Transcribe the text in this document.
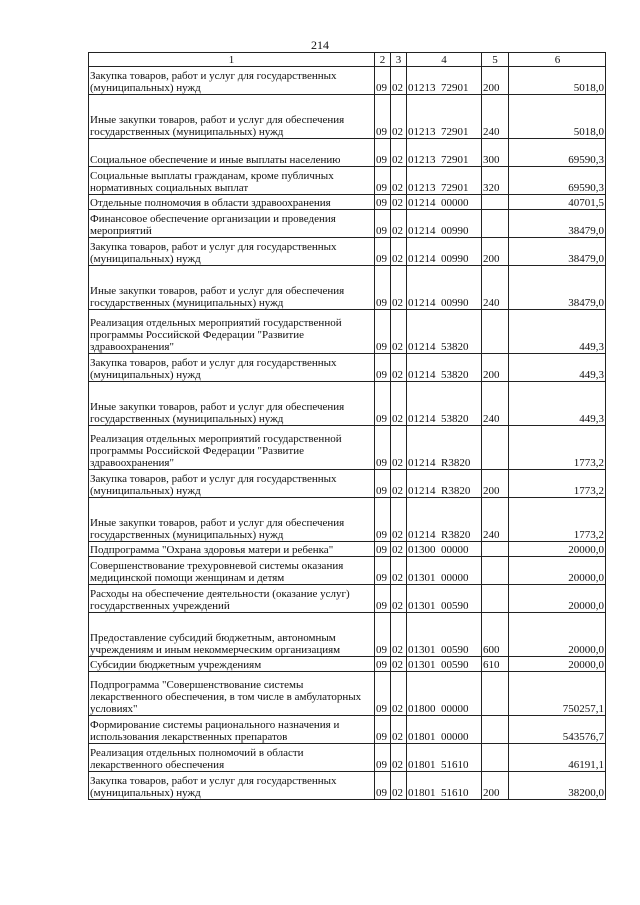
214
1	2	3	4	5	6
Закупка товаров, работ и услуг для государственных (муниципальных) нужд	09	02	01213  72901	200	5018,0
Иные закупки товаров, работ и услуг для обеспечения государственных (муниципальных) нужд	09	02	01213  72901	240	5018,0
Социальное обеспечение и иные выплаты населению	09	02	01213  72901	300	69590,3
Социальные выплаты гражданам, кроме публичных нормативных социальных выплат	09	02	01213  72901	320	69590,3
Отдельные полномочия в области здравоохранения	09	02	01214  00000		40701,5
Финансовое обеспечение организации и проведения мероприятий	09	02	01214  00990		38479,0
Закупка товаров, работ и услуг для государственных (муниципальных) нужд	09	02	01214  00990	200	38479,0
Иные закупки товаров, работ и услуг для обеспечения государственных (муниципальных) нужд	09	02	01214  00990	240	38479,0
Реализация отдельных мероприятий государственной программы Российской Федерации "Развитие здравоохранения"	09	02	01214  53820		449,3
Закупка товаров, работ и услуг для государственных (муниципальных) нужд	09	02	01214  53820	200	449,3
Иные закупки товаров, работ и услуг для обеспечения государственных (муниципальных) нужд	09	02	01214  53820	240	449,3
Реализация отдельных мероприятий государственной программы Российской Федерации "Развитие здравоохранения"	09	02	01214  R3820		1773,2
Закупка товаров, работ и услуг для государственных (муниципальных) нужд	09	02	01214  R3820	200	1773,2
Иные закупки товаров, работ и услуг для обеспечения государственных (муниципальных) нужд	09	02	01214  R3820	240	1773,2
Подпрограмма "Охрана здоровья матери и ребенка"	09	02	01300  00000		20000,0
Совершенствование трехуровневой системы оказания медицинской помощи женщинам и детям	09	02	01301  00000		20000,0
Расходы на обеспечение деятельности (оказание услуг) государственных учреждений	09	02	01301  00590		20000,0
Предоставление субсидий бюджетным, автономным учреждениям и иным некоммерческим организациям	09	02	01301  00590	600	20000,0
Субсидии бюджетным учреждениям	09	02	01301  00590	610	20000,0
Подпрограмма "Совершенствование системы лекарственного обеспечения, в том числе в амбулаторных условиях"	09	02	01800  00000		750257,1
Формирование системы рационального назначения и использования лекарственных препаратов	09	02	01801  00000		543576,7
Реализация отдельных полномочий в области лекарственного обеспечения	09	02	01801  51610		46191,1
Закупка товаров, работ и услуг для государственных (муниципальных) нужд	09	02	01801  51610	200	38200,0
